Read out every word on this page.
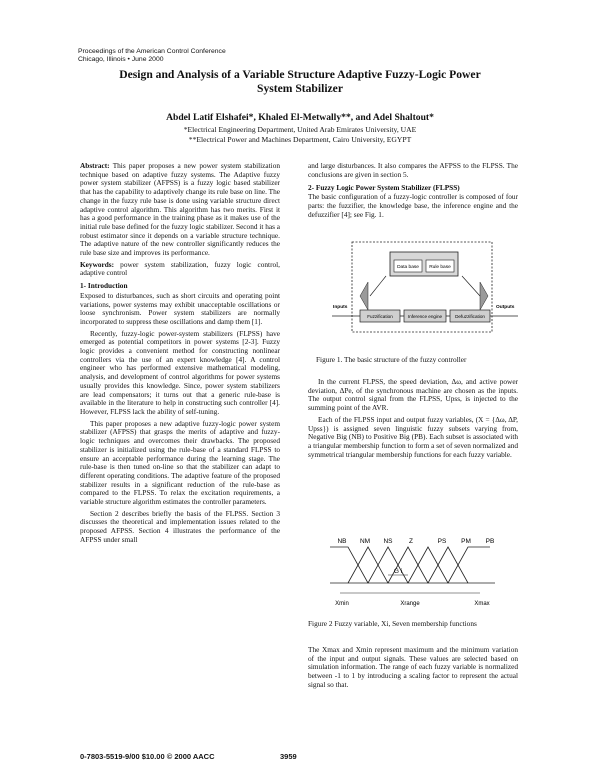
Proceedings of the American Control Conference
Chicago, Illinois • June 2000
Design and Analysis of a Variable Structure Adaptive Fuzzy-Logic Power
System Stabilizer
Abdel Latif Elshafei*, Khaled El-Metwally**, and Adel Shaltout*
*Electrical Engineering Department, United Arab Emirates University, UAE
**Electrical Power and Machines Department, Cairo University, EGYPT

Abstract: This paper proposes a new power system stabilization technique based on adaptive fuzzy systems. The Adaptive fuzzy power system stabilizer (AFPSS) is a fuzzy logic based stabilizer that has the capability to adaptively change its rule base on line. The change in the fuzzy rule base is done using variable structure direct adaptive control algorithm. This algorithm has two merits. First it has a good performance in the training phase as it makes use of the initial rule base defined for the fuzzy logic stabilizer. Second it has a robust estimator since it depends on a variable structure technique. The adaptive nature of the new controller significantly reduces the rule base size and improves its performance.

Keywords: power system stabilization, fuzzy logic control, adaptive control

1- Introduction

Exposed to disturbances, such as short circuits and operating point variations, power systems may exhibit unacceptable oscillations or loose synchronism. Power system stabilizers are normally incorporated to suppress these oscillations and damp them [1].

Recently, fuzzy-logic power-system stabilizers (FLPSS) have emerged as potential competitors in power systems [2-3]. Fuzzy logic provides a convenient method for constructing nonlinear controllers via the use of an expert knowledge [4]. A control engineer who has performed extensive mathematical modeling, analysis, and development of control algorithms for power systems usually provides this knowledge. Since, power system stabilizers are lead compensators; it turns out that a generic rule-base is available in the literature to help in constructing such controller [4]. However, FLPSS lack the ability of self-tuning.

This paper proposes a new adaptive fuzzy-logic power system stabilizer (AFPSS) that grasps the merits of adaptive and fuzzy-logic techniques and overcomes their drawbacks. The proposed stabilizer is initialized using the rule-base of a standard FLPSS to ensure an acceptable performance during the learning stage. The rule-base is then tuned on-line so that the stabilizer can adapt to different operating conditions. The adaptive feature of the proposed stabilizer results in a significant reduction of the rule-base as compared to the FLPSS. To relax the excitation requirements, a variable structure algorithm estimates the controller parameters.

Section 2 describes briefly the basis of the FLPSS. Section 3 discusses the theoretical and implementation issues related to the proposed AFPSS. Section 4 illustrates the performance of the AFPSS under small

and large disturbances. It also compares the AFPSS to the FLPSS. The conclusions are given in section 5.

2- Fuzzy Logic Power System Stabilizer (FLPSS)

The basic configuration of a fuzzy-logic controller is composed of four parts: the fuzzifier, the knowledge base, the inference engine and the defuzzifier [4]; see Fig. 1.

Data base Rule base
Fuzzification	Inference engine	Defuzzification
Inputs	Outputs
Figure 1. The basic structure of the fuzzy controller

In the current FLPSS, the speed deviation, Δω, and active power deviation, ΔPe, of the synchronous machine are chosen as the inputs. The output control signal from the FLPSS, Upss, is injected to the summing point of the AVR.

Each of the FLPSS input and output fuzzy variables, (X = {Δω, ΔP, Upss}) is assigned seven linguistic fuzzy subsets varying from, Negative Big (NB) to Positive Big (PB). Each subset is associated with a triangular membership function to form a set of seven normalized and symmetrical triangular membership functions for each fuzzy variable.

NB NM NS	Z	PS PM PB
G i
Xmin	Xrange	Xmax
Figure 2 Fuzzy variable, Xi, Seven membership functions

The Xmax and Xmin represent maximum and the minimum variation of the input and output signals. These values are selected based on simulation information. The range of each fuzzy variable is normalized between -1 to 1 by introducing a scaling factor to represent the actual signal so that.

0-7803-5519-9/00 $10.00 © 2000 AACC	3959
